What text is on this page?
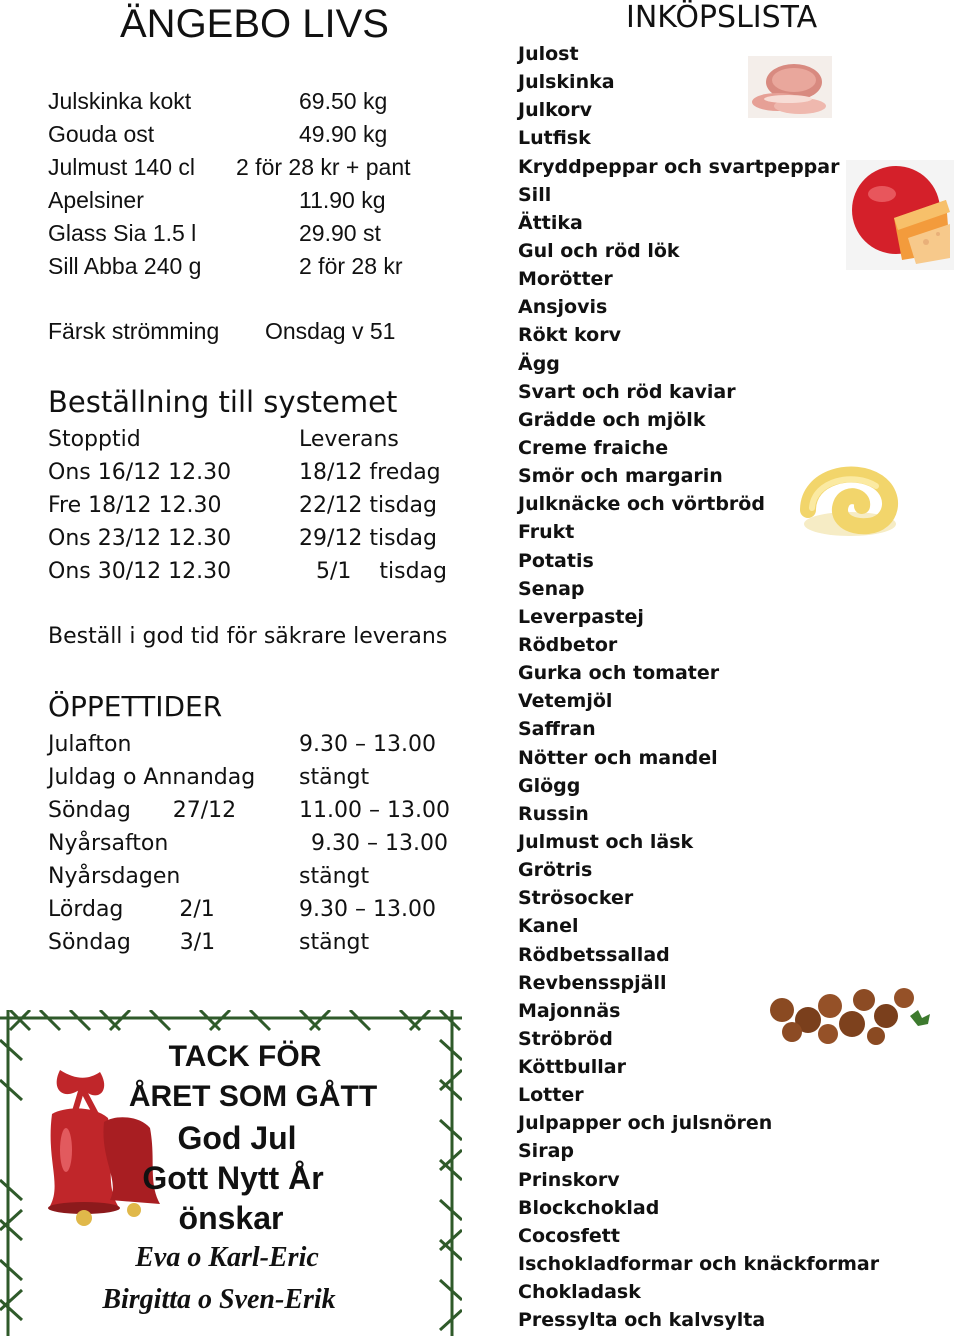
ÄNGEBO LIVS
Julskinka kokt	69.50 kg
Gouda ost	49.90 kg
Julmust 140 cl 2 för 28 kr + pant
Apelsiner	11.90 kg
Glass Sia 1.5 l	29.90 st
Sill Abba 240 g	2 för 28 kr
Färsk strömming Onsdag v 51
Beställning till systemet
Stopptid	Leverans
Ons 16/12 12.30	18/12 fredag
Fre 18/12 12.30	22/12 tisdag
Ons 23/12 12.30	29/12 tisdag
Ons 30/12 12.30	5/1    tisdag
Beställ i god tid för säkrare leverans
ÖPPETTIDER
Julafton	9.30 – 13.00
Juldag o Annandag stängt
Söndag      27/12	11.00 – 13.00
Nyårsafton	9.30 – 13.00
Nyårsdagen	stängt
Lördag        2/1	9.30 – 13.00
Söndag       3/1	stängt
INKÖPSLISTA
Julost
Julskinka
Julkorv
Lutfisk
Kryddpeppar och svartpeppar
Sill
Ättika
Gul och röd lök
Morötter
Ansjovis
Rökt korv
Ägg
Svart och röd kaviar
Grädde och mjölk
Creme fraiche
Smör och margarin
Julknäcke och vörtbröd
Frukt
Potatis
Senap
Leverpastej
Rödbetor
Gurka och tomater
Vetemjöl
Saffran
Nötter och mandel
Glögg
Russin
Julmust och läsk
Grötris
Strösocker
Kanel
Rödbetssallad
Revbensspjäll
Majonnäs
Ströbröd
Köttbullar
Lotter
Julpapper och julsnören
Sirap
Prinskorv
Blockchoklad
Cocosfett
Ischokladformar och knäckformar
Chokladask
Pressylta och kalvsylta
TACK FÖR
ÅRET SOM GÅTT
God Jul
Gott Nytt År
önskar
Eva o Karl-Eric
Birgitta o Sven-Erik
